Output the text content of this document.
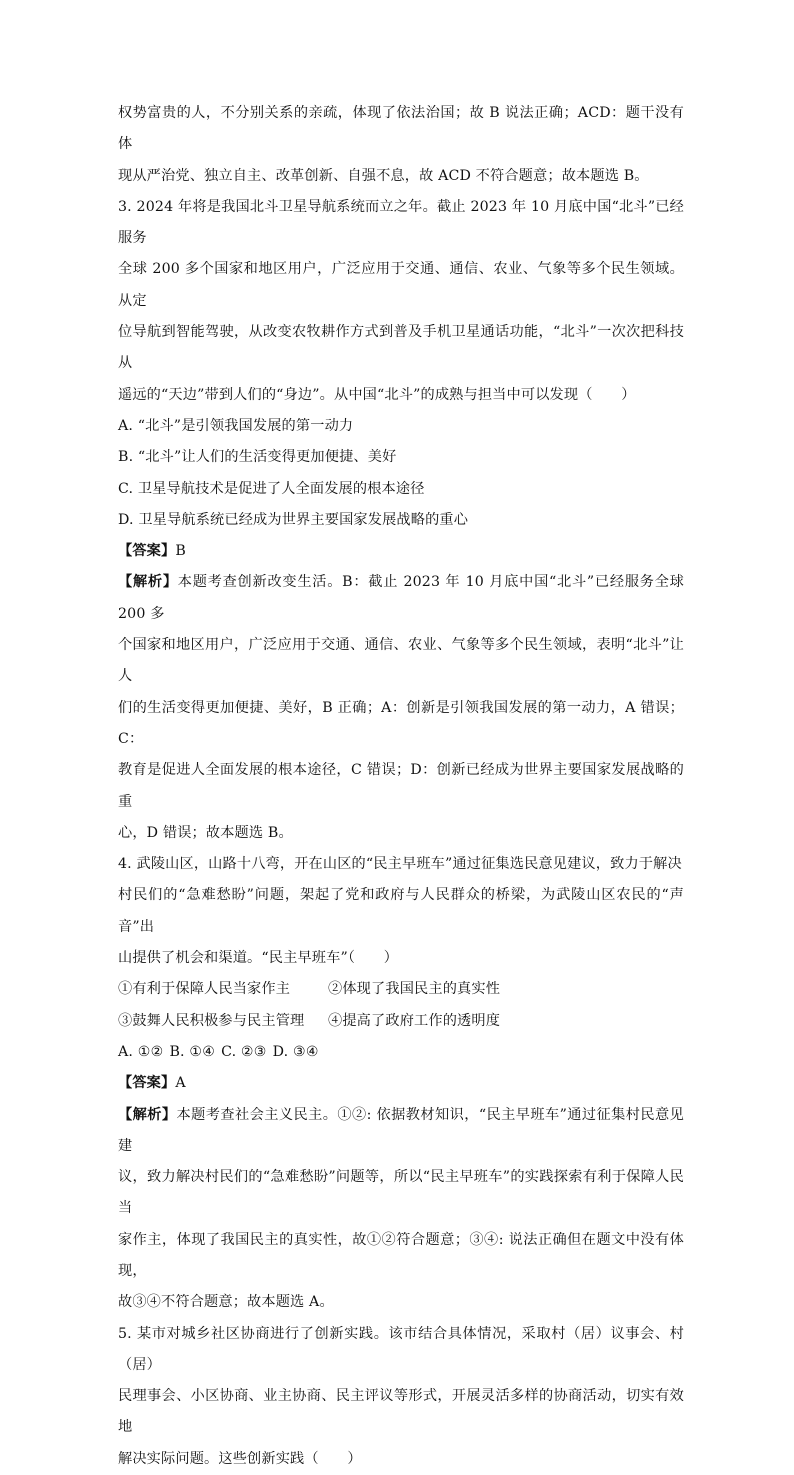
权势富贵的人，不分别关系的亲疏，体现了依法治国；故 B 说法正确；ACD：题干没有体

现从严治党、独立自主、改革创新、自强不息，故 ACD 不符合题意；故本题选 B。

3. 2024 年将是我国北斗卫星导航系统而立之年。截止 2023 年 10 月底中国“北斗”已经服务

全球 200 多个国家和地区用户，广泛应用于交通、通信、农业、气象等多个民生领域。从定

位导航到智能驾驶，从改变农牧耕作方式到普及手机卫星通话功能，“北斗”一次次把科技从

遥远的“天边”带到人们的“身边”。从中国“北斗”的成熟与担当中可以发现（　　）

A. “北斗”是引领我国发展的第一动力

B. “北斗”让人们的生活变得更加便捷、美好

C. 卫星导航技术是促进了人全面发展的根本途径

D. 卫星导航系统已经成为世界主要国家发展战略的重心

【答案】B

【解析】本题考查创新改变生活。B：截止 2023 年 10 月底中国“北斗”已经服务全球 200 多

个国家和地区用户，广泛应用于交通、通信、农业、气象等多个民生领域，表明“北斗”让人

们的生活变得更加便捷、美好，B 正确；A：创新是引领我国发展的第一动力，A 错误；C：

教育是促进人全面发展的根本途径，C 错误；D：创新已经成为世界主要国家发展战略的重

心，D 错误；故本题选 B。

4. 武陵山区，山路十八弯，开在山区的“民主早班车”通过征集选民意见建议，致力于解决

村民们的“急难愁盼”问题，架起了党和政府与人民群众的桥梁，为武陵山区农民的“声音”出

山提供了机会和渠道。“民主早班车”（　　）

①有利于保障人民当家作主	②体现了我国民主的真实性
③鼓舞人民积极参与民主管理	④提高了政府工作的透明度

A. ①② B. ①④ C. ②③ D. ③④

【答案】A

【解析】本题考查社会主义民主。①②: 依据教材知识，“民主早班车”通过征集村民意见建

议，致力解决村民们的“急难愁盼”问题等，所以“民主早班车”的实践探索有利于保障人民当

家作主，体现了我国民主的真实性，故①②符合题意；③④: 说法正确但在题文中没有体现，

故③④不符合题意；故本题选 A。

5. 某市对城乡社区协商进行了创新实践。该市结合具体情况，采取村（居）议事会、村（居）

民理事会、小区协商、业主协商、民主评议等形式，开展灵活多样的协商活动，切实有效地

解决实际问题。这些创新实践（　　）
